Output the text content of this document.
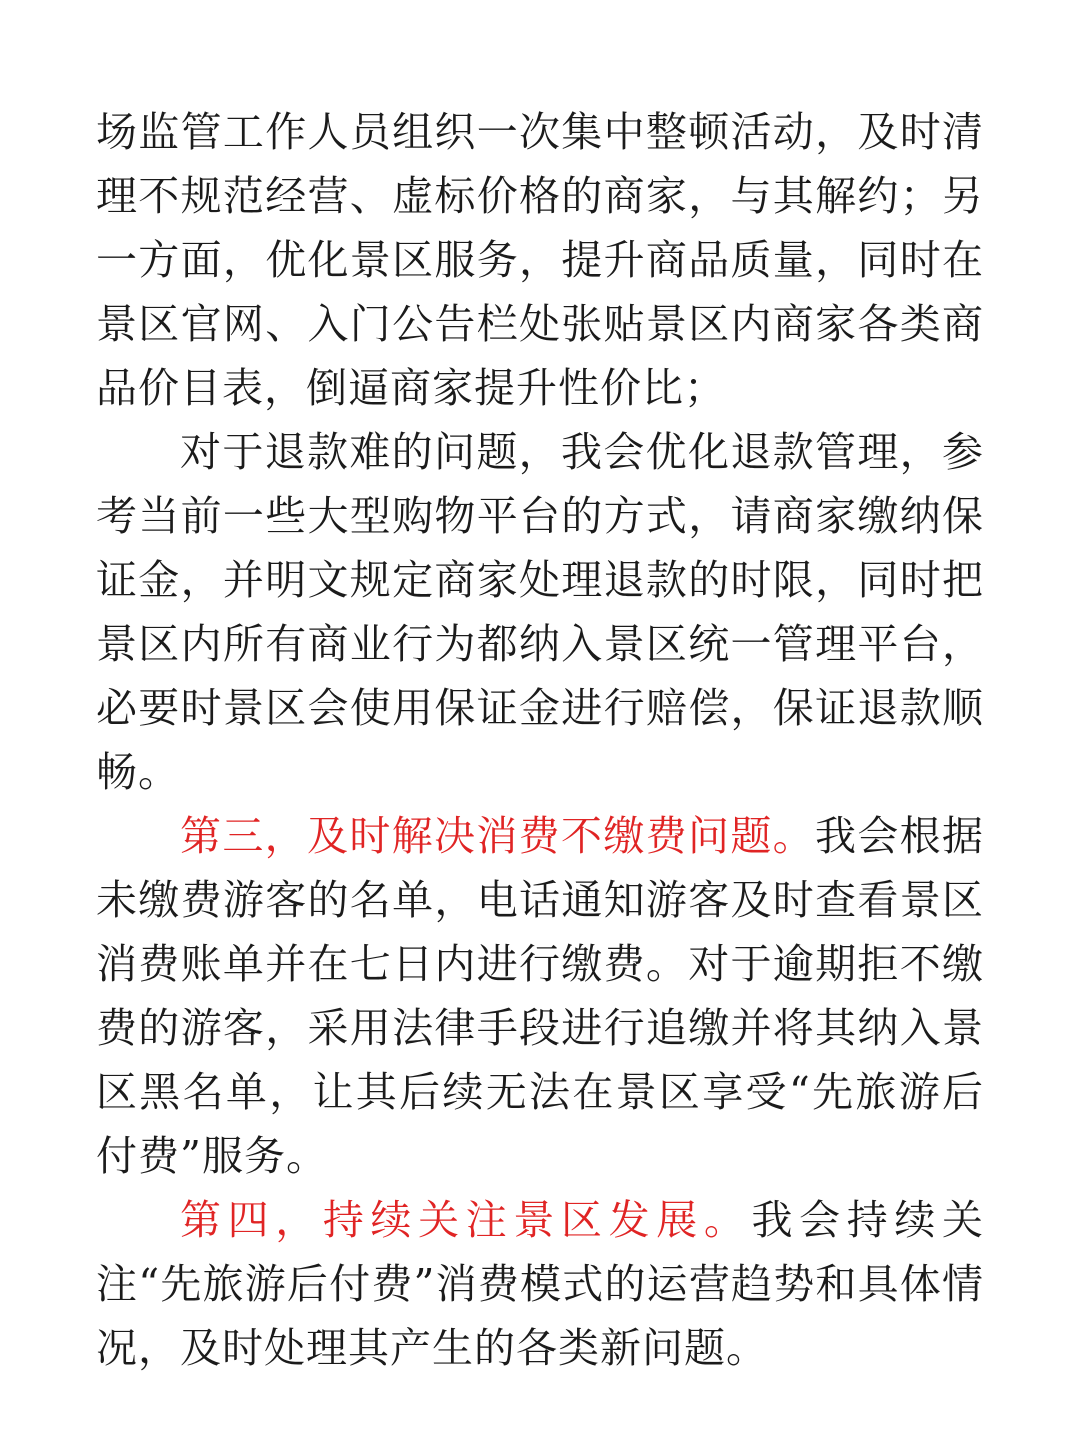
场监管工作人员组织一次集中整顿活动，及时清理不规范经营、虚标价格的商家，与其解约；另一方面，优化景区服务，提升商品质量，同时在景区官网、入门公告栏处张贴景区内商家各类商品价目表，倒逼商家提升性价比；

对于退款难的问题，我会优化退款管理，参考当前一些大型购物平台的方式，请商家缴纳保证金，并明文规定商家处理退款的时限，同时把景区内所有商业行为都纳入景区统一管理平台，必要时景区会使用保证金进行赔偿，保证退款顺畅。

第三，及时解决消费不缴费问题。我会根据未缴费游客的名单，电话通知游客及时查看景区消费账单并在七日内进行缴费。对于逾期拒不缴费的游客，采用法律手段进行追缴并将其纳入景区黑名单，让其后续无法在景区享受“先旅游后付费”服务。

第四，持续关注景区发展。我会持续关注“先旅游后付费”消费模式的运营趋势和具体情况，及时处理其产生的各类新问题。
